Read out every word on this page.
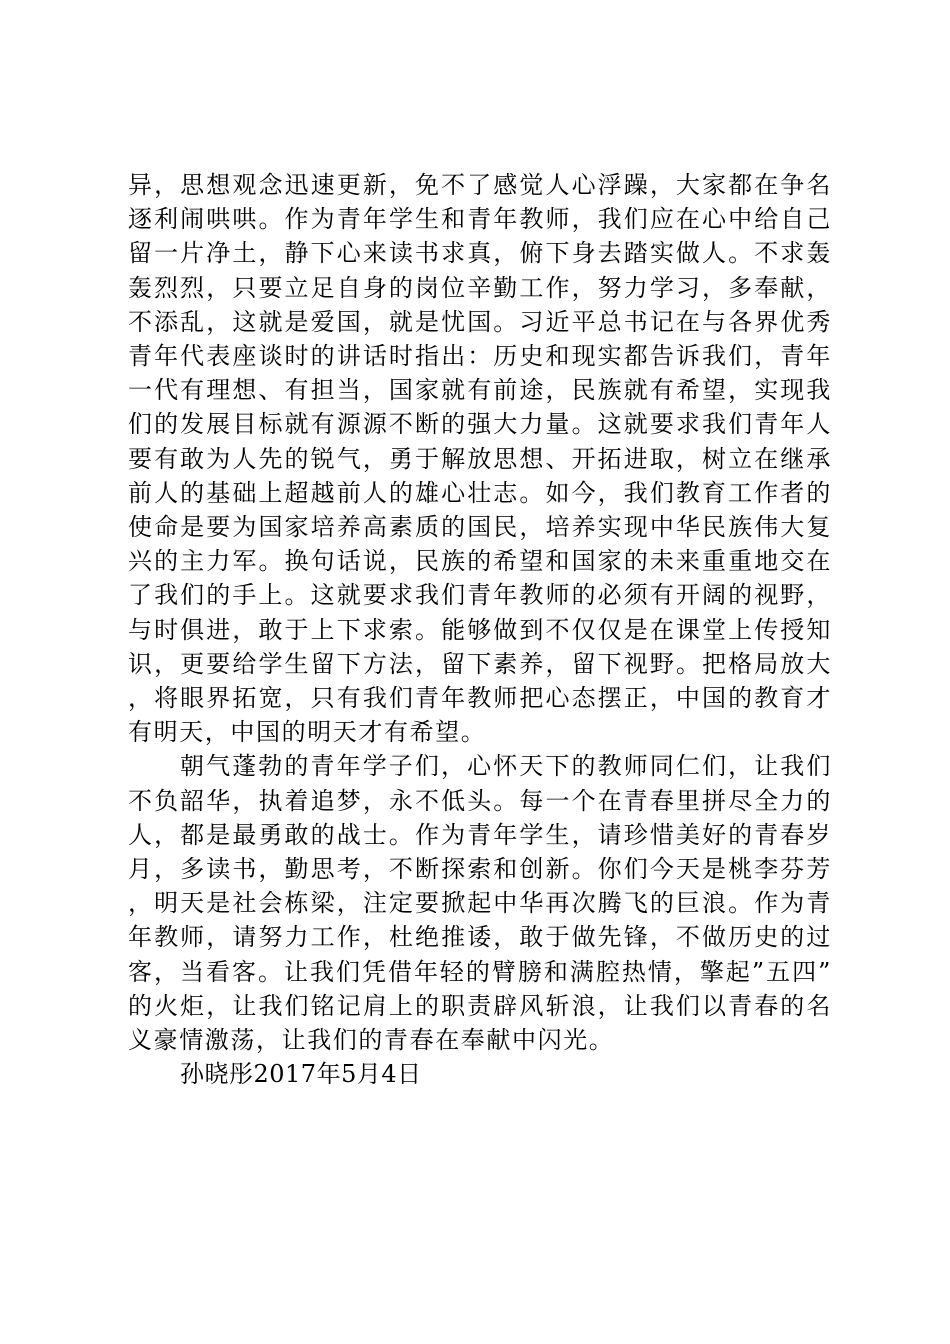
异，思想观念迅速更新，免不了感觉人心浮躁，大家都在争名逐利闹哄哄。作为青年学生和青年教师，我们应在心中给自己留一片净土，静下心来读书求真，俯下身去踏实做人。不求轰轰烈烈，只要立足自身的岗位辛勤工作，努力学习，多奉献，不添乱，这就是爱国，就是忧国。习近平总书记在与各界优秀青年代表座谈时的讲话时指出：历史和现实都告诉我们，青年一代有理想、有担当，国家就有前途，民族就有希望，实现我们的发展目标就有源源不断的强大力量。这就要求我们青年人要有敢为人先的锐气，勇于解放思想、开拓进取，树立在继承前人的基础上超越前人的雄心壮志。如今，我们教育工作者的使命是要为国家培养高素质的国民，培养实现中华民族伟大复兴的主力军。换句话说，民族的希望和国家的未来重重地交在了我们的手上。这就要求我们青年教师的必须有开阔的视野，与时俱进，敢于上下求索。能够做到不仅仅是在课堂上传授知识，更要给学生留下方法，留下素养，留下视野。把格局放大，将眼界拓宽，只有我们青年教师把心态摆正，中国的教育才有明天，中国的明天才有希望。

朝气蓬勃的青年学子们，心怀天下的教师同仁们，让我们不负韶华，执着追梦，永不低头。每一个在青春里拼尽全力的人，都是最勇敢的战士。作为青年学生，请珍惜美好的青春岁月，多读书，勤思考，不断探索和创新。你们今天是桃李芬芳，明天是社会栋梁，注定要掀起中华再次腾飞的巨浪。作为青年教师，请努力工作，杜绝推诿，敢于做先锋，不做历史的过客，当看客。让我们凭借年轻的臂膀和满腔热情，擎起”五四”的火炬，让我们铭记肩上的职责辟风斩浪，让我们以青春的名义豪情激荡，让我们的青春在奉献中闪光。

孙晓彤2017年5月4日
